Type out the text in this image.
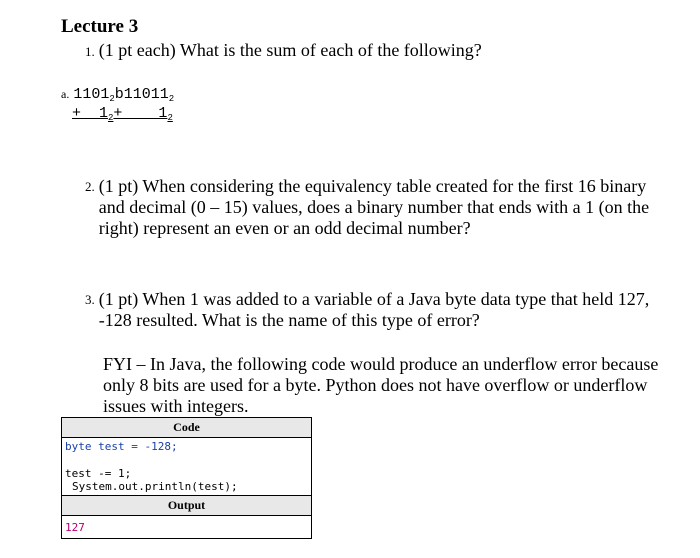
Lecture 3
1. (1 pt each) What is the sum of each of the following?
a. 11012b110112
+  12+    12
2. (1 pt) When considering the equivalency table created for the first 16 binary and decimal (0 – 15) values, does a binary number that ends with a 1 (on the right) represent an even or an odd decimal number?
3. (1 pt) When 1 was added to a variable of a Java byte data type that held 127, -128 resulted. What is the name of this type of error?
FYI – In Java, the following code would produce an underflow error because only 8 bits are used for a byte. Python does not have overflow or underflow issues with integers.
Code

byte test = -128;
test -= 1;
System.out.println(test);

Output
127
